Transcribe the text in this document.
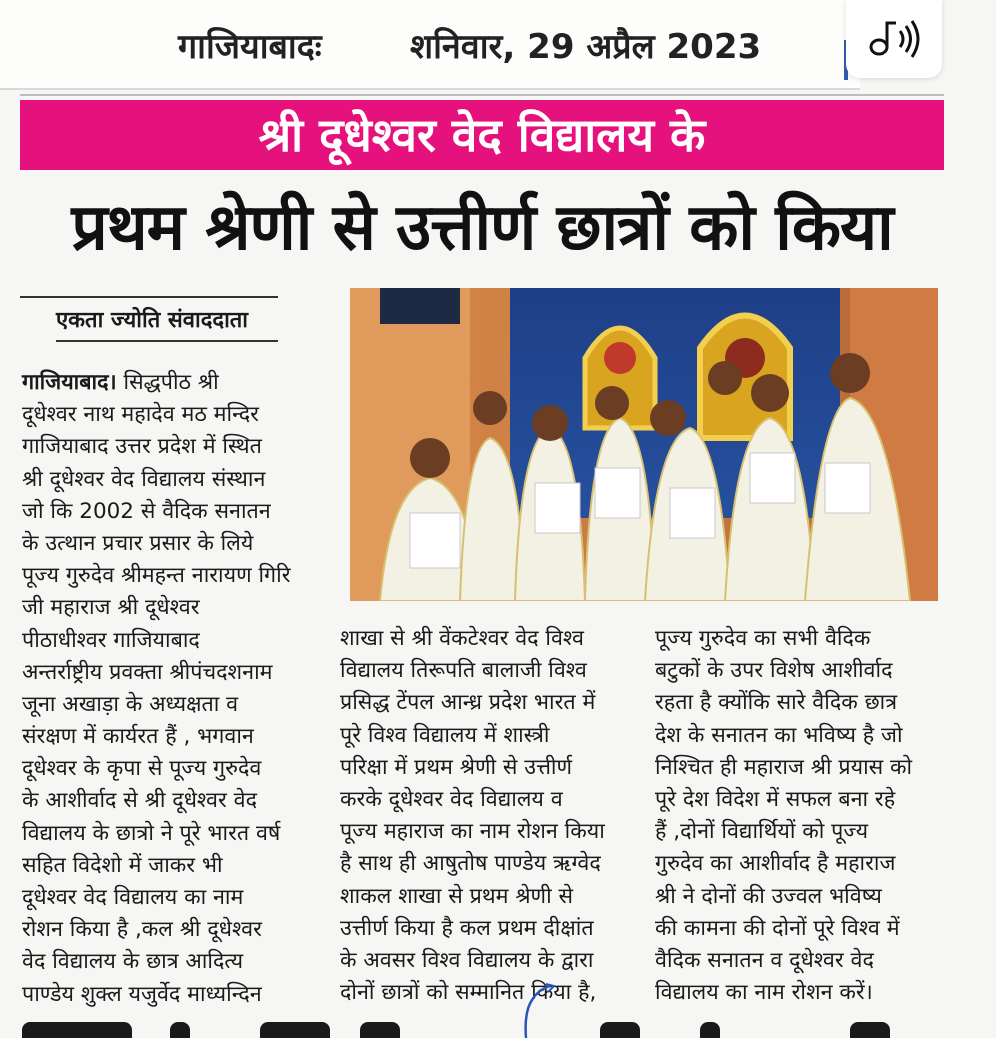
गाजियाबादः	शनिवार, 29 अप्रैल 2023
श्री दूधेश्वर वेद विद्यालय के
प्रथम श्रेणी से उत्तीर्ण छात्रों को किया
एकता ज्योति संवाददाता
गाजियाबाद। सिद्धपीठ श्री
दूधेश्वर नाथ महादेव मठ मन्दिर
गाजियाबाद उत्तर प्रदेश में स्थित
श्री दूधेश्वर वेद विद्यालय संस्थान
जो कि 2002 से वैदिक सनातन
के उत्थान प्रचार प्रसार के लिये
पूज्य गुरुदेव श्रीमहन्त नारायण गिरि
जी महाराज श्री दूधेश्वर
पीठाधीश्वर गाजियाबाद
अन्तर्राष्ट्रीय प्रवक्ता श्रीपंचदशनाम
जूना अखाड़ा के अध्यक्षता व
संरक्षण में कार्यरत हैं , भगवान
दूधेश्वर के कृपा से पूज्य गुरुदेव
के आशीर्वाद से श्री दूधेश्वर वेद
विद्यालय के छात्रो ने पूरे भारत वर्ष
सहित विदेशो में जाकर भी
दूधेश्वर वेद विद्यालय का नाम
रोशन किया है ,कल श्री दूधेश्वर
वेद विद्यालय के छात्र आदित्य
पाण्डेय शुक्ल यजुर्वेद माध्यन्दिन
शाखा से श्री वेंकटेश्वर वेद विश्व
विद्यालय तिरूपति बालाजी विश्व
प्रसिद्ध टेंपल आन्ध्र प्रदेश भारत में
पूरे विश्व विद्यालय में शास्त्री
परिक्षा में प्रथम श्रेणी से उत्तीर्ण
करके दूधेश्वर वेद विद्यालय व
पूज्य महाराज का नाम रोशन किया
है साथ ही आषुतोष पाण्डेय ऋग्वेद
शाकल शाखा से प्रथम श्रेणी से
उत्तीर्ण किया है कल प्रथम दीक्षांत
के अवसर विश्व विद्यालय के द्वारा
दोनों छात्रों को सम्मानित किया है,
पूज्य गुरुदेव का सभी वैदिक
बटुकों के उपर विशेष आशीर्वाद
रहता है क्योंकि सारे वैदिक छात्र
देश के सनातन का भविष्य है जो
निश्चित ही महाराज श्री प्रयास को
पूरे देश विदेश में सफल बना रहे
हैं ,दोनों विद्यार्थियों को पूज्य
गुरुदेव का आशीर्वाद है महाराज
श्री ने दोनों की उज्वल भविष्य
की कामना की दोनों पूरे विश्व में
वैदिक सनातन व दूधेश्वर वेद
विद्यालय का नाम रोशन करें।
